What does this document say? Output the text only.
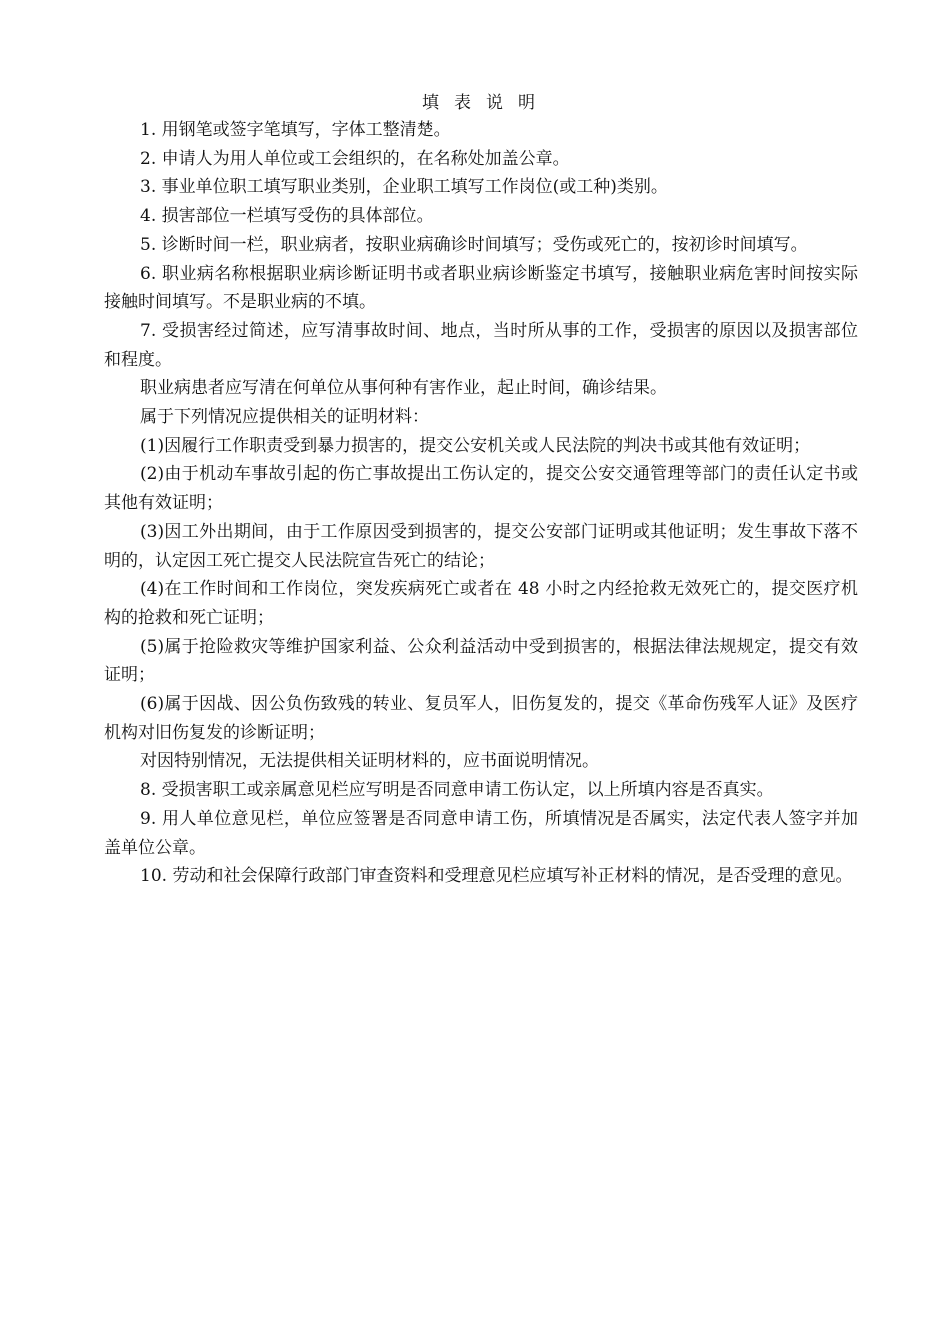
填表说明

1. 用钢笔或签字笔填写，字体工整清楚。

2. 申请人为用人单位或工会组织的，在名称处加盖公章。

3. 事业单位职工填写职业类别，企业职工填写工作岗位(或工种)类别。

4. 损害部位一栏填写受伤的具体部位。

5. 诊断时间一栏，职业病者，按职业病确诊时间填写；受伤或死亡的，按初诊时间填写。

6. 职业病名称根据职业病诊断证明书或者职业病诊断鉴定书填写，接触职业病危害时间按实际接触时间填写。不是职业病的不填。

7. 受损害经过简述，应写清事故时间、地点，当时所从事的工作，受损害的原因以及损害部位和程度。

职业病患者应写清在何单位从事何种有害作业，起止时间，确诊结果。

属于下列情况应提供相关的证明材料：

(1)因履行工作职责受到暴力损害的，提交公安机关或人民法院的判决书或其他有效证明；

(2)由于机动车事故引起的伤亡事故提出工伤认定的，提交公安交通管理等部门的责任认定书或其他有效证明；

(3)因工外出期间，由于工作原因受到损害的，提交公安部门证明或其他证明；发生事故下落不明的，认定因工死亡提交人民法院宣告死亡的结论；

(4)在工作时间和工作岗位，突发疾病死亡或者在 48 小时之内经抢救无效死亡的，提交医疗机构的抢救和死亡证明；

(5)属于抢险救灾等维护国家利益、公众利益活动中受到损害的，根据法律法规规定，提交有效证明；

(6)属于因战、因公负伤致残的转业、复员军人，旧伤复发的，提交《革命伤残军人证》及医疗机构对旧伤复发的诊断证明；

对因特别情况，无法提供相关证明材料的，应书面说明情况。

8. 受损害职工或亲属意见栏应写明是否同意申请工伤认定，以上所填内容是否真实。

9. 用人单位意见栏，单位应签署是否同意申请工伤，所填情况是否属实，法定代表人签字并加盖单位公章。

10. 劳动和社会保障行政部门审查资料和受理意见栏应填写补正材料的情况，是否受理的意见。
